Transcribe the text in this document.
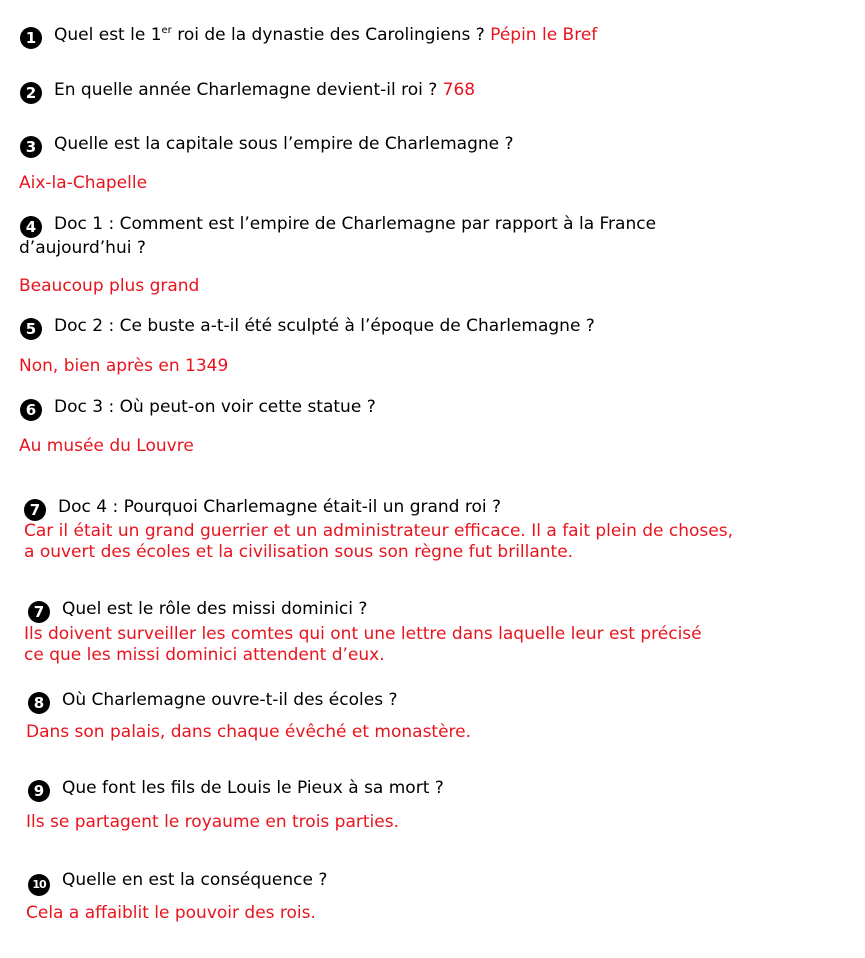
1 Quel est le 1er roi de la dynastie des Carolingiens ? Pépin le Bref
2 En quelle année Charlemagne devient-il roi ? 768
3 Quelle est la capitale sous l’empire de Charlemagne ?
Aix-la-Chapelle
4 Doc 1 : Comment est l’empire de Charlemagne par rapport à la France
d’aujourd’hui ?
Beaucoup plus grand
5 Doc 2 : Ce buste a-t-il été sculpté à l’époque de Charlemagne ?
Non, bien après en 1349
6 Doc 3 : Où peut-on voir cette statue ?
Au musée du Louvre
7 Doc 4 : Pourquoi Charlemagne était-il un grand roi ?
Car il était un grand guerrier et un administrateur efficace. Il a fait plein de choses,
a ouvert des écoles et la civilisation sous son règne fut brillante.
7 Quel est le rôle des missi dominici ?
Ils doivent surveiller les comtes qui ont une lettre dans laquelle leur est précisé
ce que les missi dominici attendent d’eux.
8 Où Charlemagne ouvre-t-il des écoles ?
Dans son palais, dans chaque évêché et monastère.
9 Que font les fils de Louis le Pieux à sa mort ?
Ils se partagent le royaume en trois parties.
10 Quelle en est la conséquence ?
Cela a affaiblit le pouvoir des rois.
